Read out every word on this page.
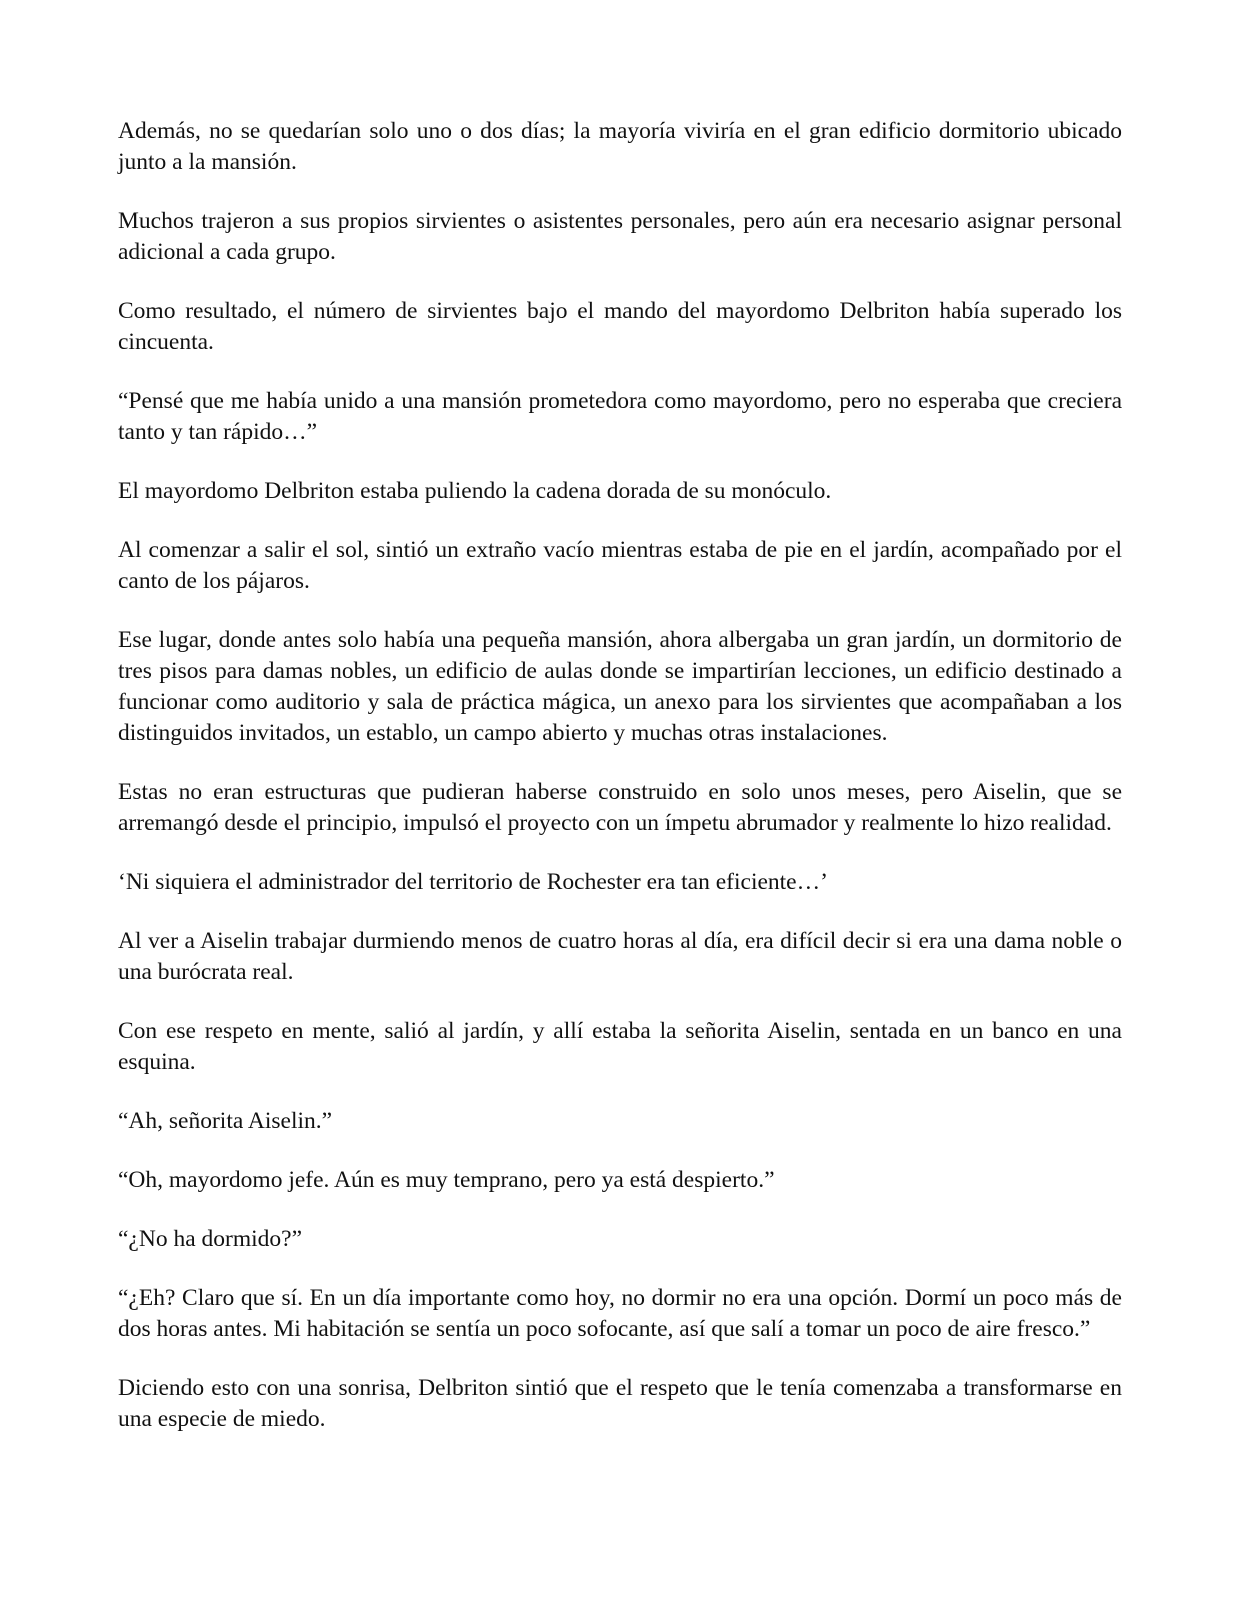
Además, no se quedarían solo uno o dos días; la mayoría viviría en el gran edificio dormitorio ubicado junto a la mansión.

Muchos trajeron a sus propios sirvientes o asistentes personales, pero aún era necesario asignar personal adicional a cada grupo.

Como resultado, el número de sirvientes bajo el mando del mayordomo Delbriton había superado los cincuenta.

“Pensé que me había unido a una mansión prometedora como mayordomo, pero no esperaba que creciera tanto y tan rápido…”

El mayordomo Delbriton estaba puliendo la cadena dorada de su monóculo.

Al comenzar a salir el sol, sintió un extraño vacío mientras estaba de pie en el jardín, acompañado por el canto de los pájaros.

Ese lugar, donde antes solo había una pequeña mansión, ahora albergaba un gran jardín, un dormitorio de tres pisos para damas nobles, un edificio de aulas donde se impartirían lecciones, un edificio destinado a funcionar como auditorio y sala de práctica mágica, un anexo para los sirvientes que acompañaban a los distinguidos invitados, un establo, un campo abierto y muchas otras instalaciones.

Estas no eran estructuras que pudieran haberse construido en solo unos meses, pero Aiselin, que se arremangó desde el principio, impulsó el proyecto con un ímpetu abrumador y realmente lo hizo realidad.

‘Ni siquiera el administrador del territorio de Rochester era tan eficiente…’

Al ver a Aiselin trabajar durmiendo menos de cuatro horas al día, era difícil decir si era una dama noble o una burócrata real.

Con ese respeto en mente, salió al jardín, y allí estaba la señorita Aiselin, sentada en un banco en una esquina.

“Ah, señorita Aiselin.”

“Oh, mayordomo jefe. Aún es muy temprano, pero ya está despierto.”

“¿No ha dormido?”

“¿Eh? Claro que sí. En un día importante como hoy, no dormir no era una opción. Dormí un poco más de dos horas antes. Mi habitación se sentía un poco sofocante, así que salí a tomar un poco de aire fresco.”

Diciendo esto con una sonrisa, Delbriton sintió que el respeto que le tenía comenzaba a transformarse en una especie de miedo.
